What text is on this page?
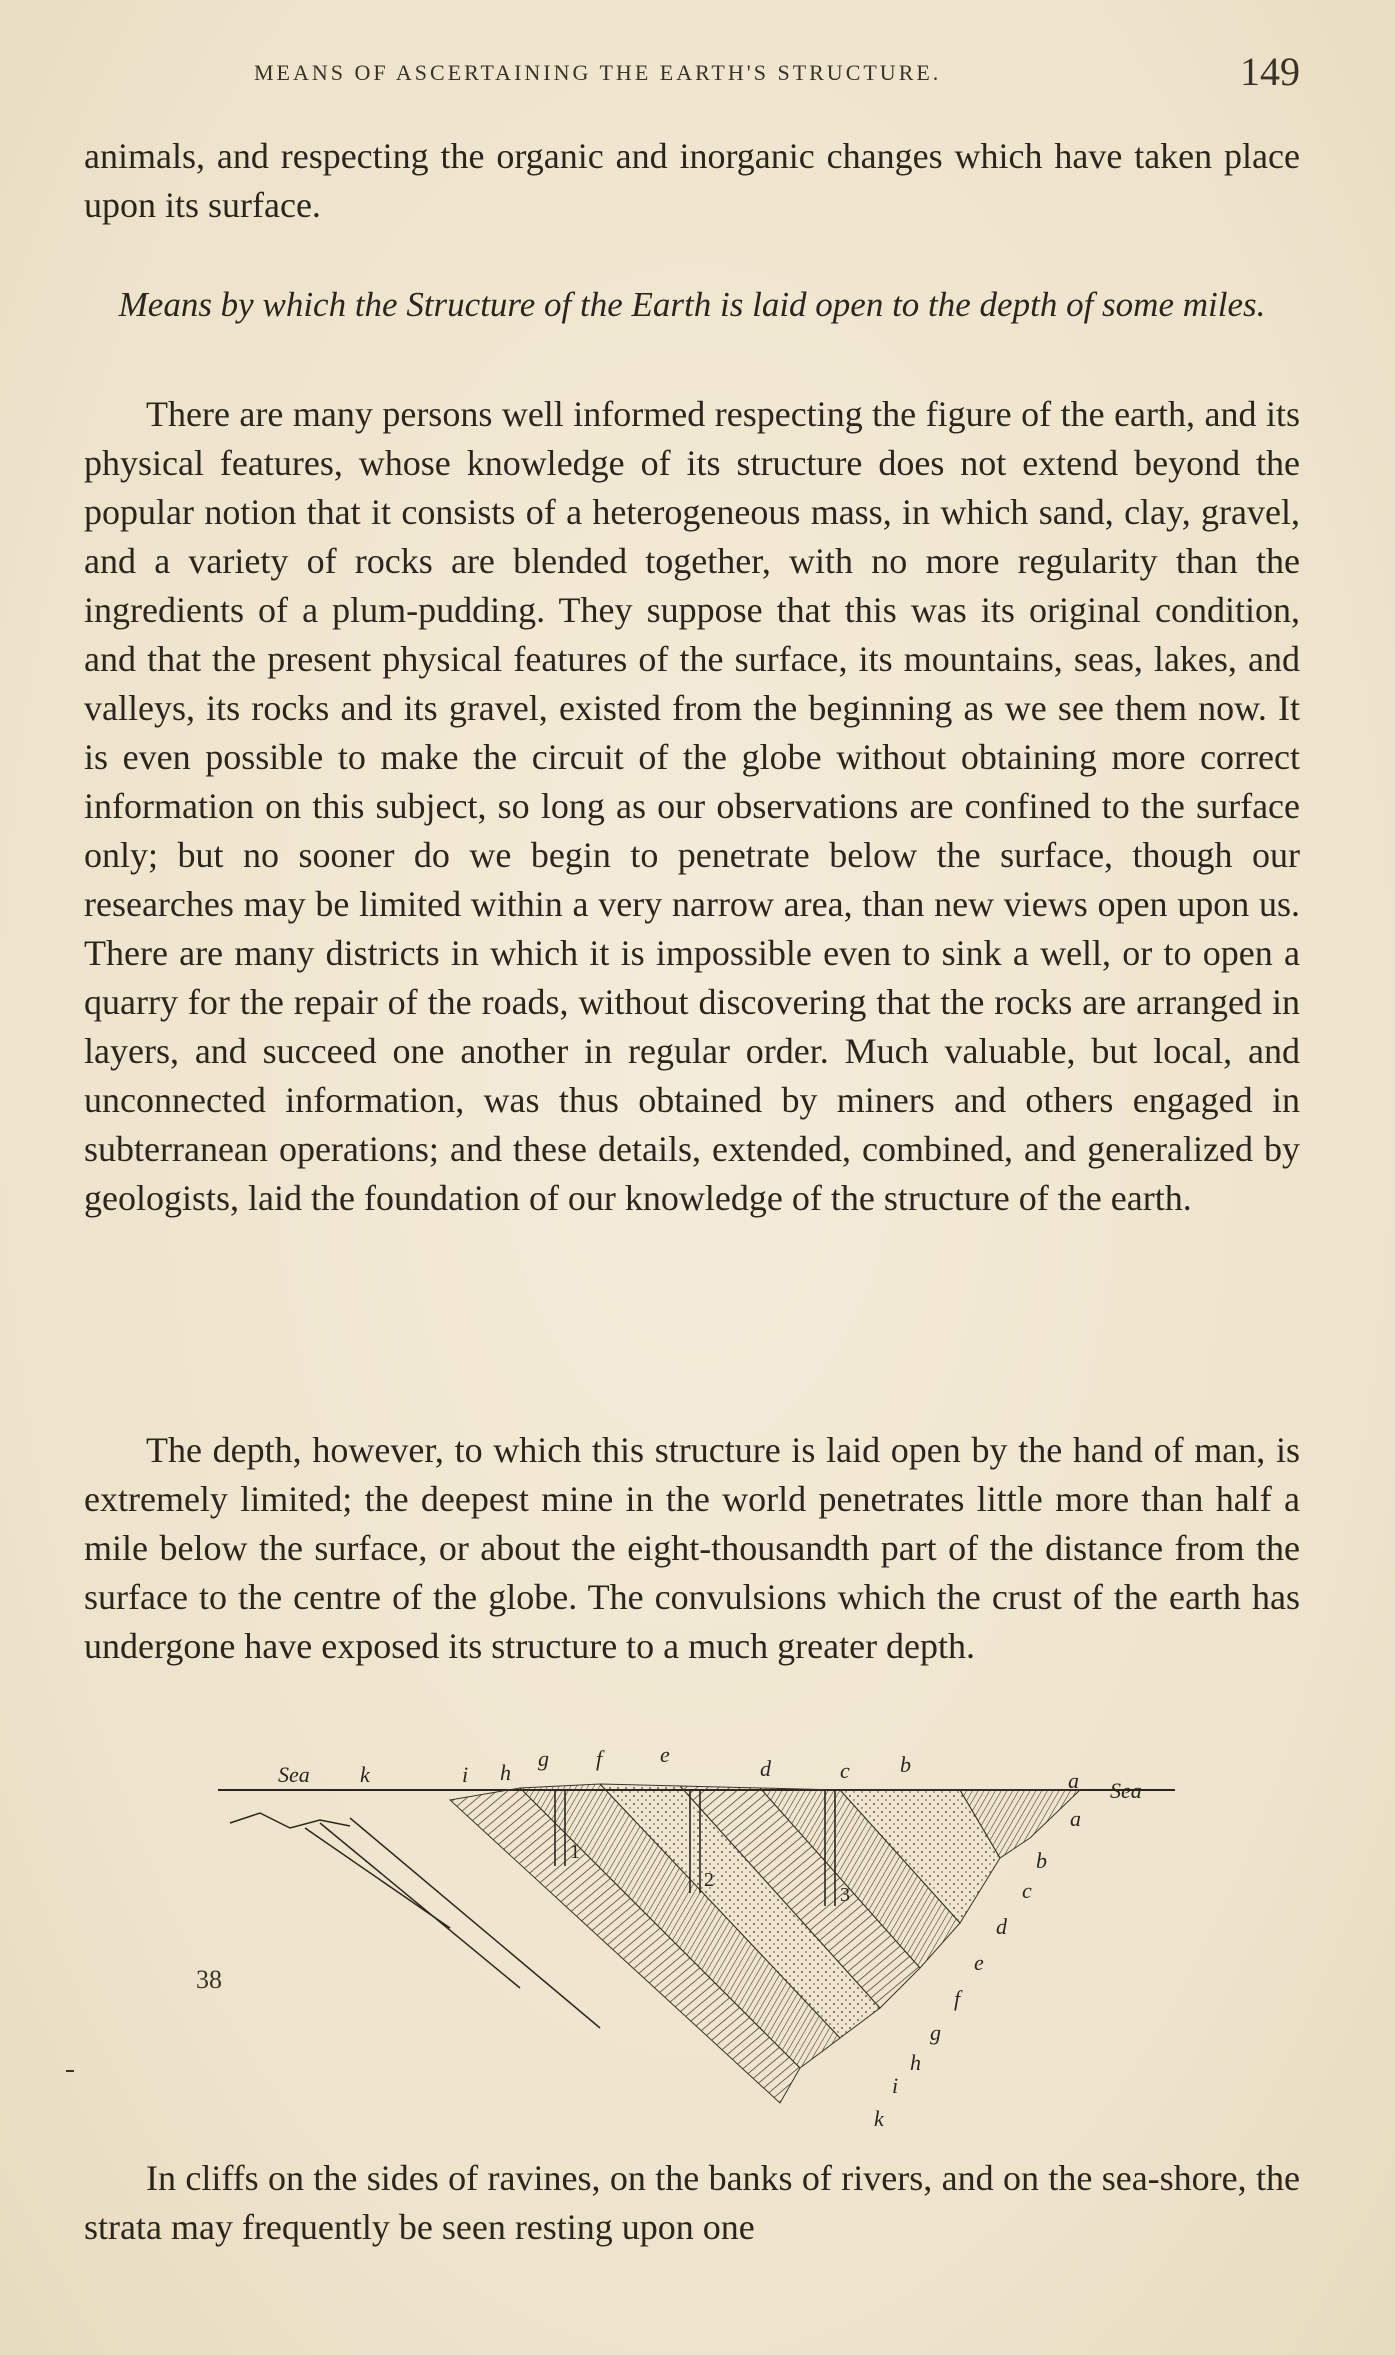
MEANS OF ASCERTAINING THE EARTH'S STRUCTURE.	149

animals, and respecting the organic and inorganic changes which have taken place upon its surface.

Means by which the Structure of the Earth is laid open to the depth of some miles.

There are many persons well informed respecting the figure of the earth, and its physical features, whose knowledge of its structure does not extend beyond the popular notion that it consists of a heterogeneous mass, in which sand, clay, gravel, and a variety of rocks are blended together, with no more regularity than the ingredients of a plum-pudding. They suppose that this was its original condition, and that the present physical features of the surface, its mountains, seas, lakes, and valleys, its rocks and its gravel, existed from the beginning as we see them now. It is even possible to make the circuit of the globe without obtaining more correct information on this subject, so long as our observations are confined to the surface only; but no sooner do we begin to penetrate below the surface, though our researches may be limited within a very narrow area, than new views open upon us. There are many districts in which it is impossible even to sink a well, or to open a quarry for the repair of the roads, without discovering that the rocks are arranged in layers, and succeed one another in regular order. Much valuable, but local, and unconnected information, was thus obtained by miners and others engaged in subterranean operations; and these details, extended, combined, and generalized by geologists, laid the foundation of our knowledge of the structure of the earth.

The depth, however, to which this structure is laid open by the hand of man, is extremely limited; the deepest mine in the world penetrates little more than half a mile below the surface, or about the eight-thousandth part of the distance from the surface to the centre of the globe. The convulsions which the crust of the earth has undergone have exposed its structure to a much greater depth.

1
2
3
Sea
Sea
k	i h
g f	e
d	c b
a
a
b
c
d
e
f
g
h
i
k
38

In cliffs on the sides of ravines, on the banks of rivers, and on the sea-shore, the strata may frequently be seen resting upon one
